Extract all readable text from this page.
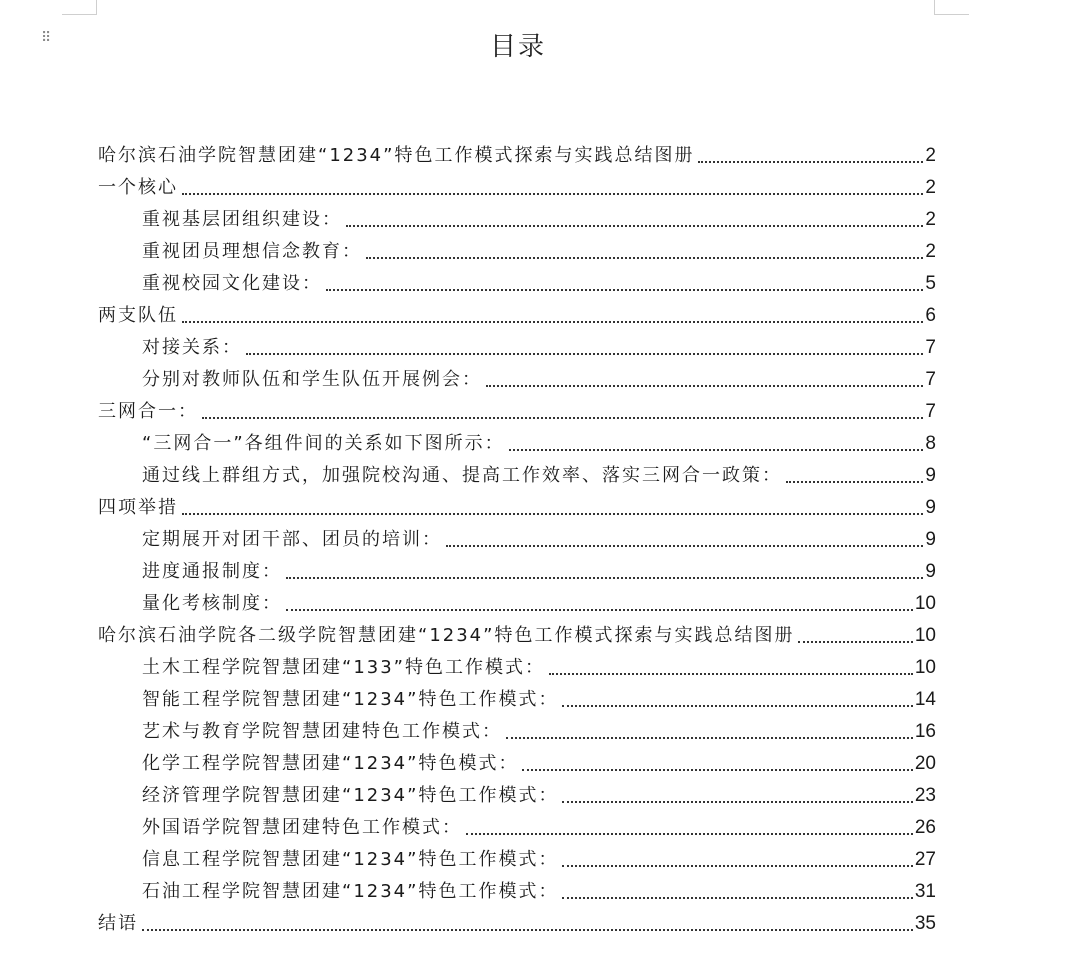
⠿	目录
哈尔滨石油学院智慧团建“1234”特色工作模式探索与实践总结图册	2
一个核心	2
重视基层团组织建设：	2
重视团员理想信念教育：	2
重视校园文化建设：	5
两支队伍	6
对接关系：	7
分别对教师队伍和学生队伍开展例会：	7
三网合一：	7
“三网合一”各组件间的关系如下图所示：	8
通过线上群组方式，加强院校沟通、提高工作效率、落实三网合一政策：	9
四项举措	9
定期展开对团干部、团员的培训：	9
进度通报制度：	9
量化考核制度：	10
哈尔滨石油学院各二级学院智慧团建“1234”特色工作模式探索与实践总结图册	10
土木工程学院智慧团建“133”特色工作模式：	10
智能工程学院智慧团建“1234”特色工作模式：	14
艺术与教育学院智慧团建特色工作模式：	16
化学工程学院智慧团建“1234”特色模式：	20
经济管理学院智慧团建“1234”特色工作模式：	23
外国语学院智慧团建特色工作模式：	26
信息工程学院智慧团建“1234”特色工作模式：	27
石油工程学院智慧团建“1234”特色工作模式：	31
结语	35
